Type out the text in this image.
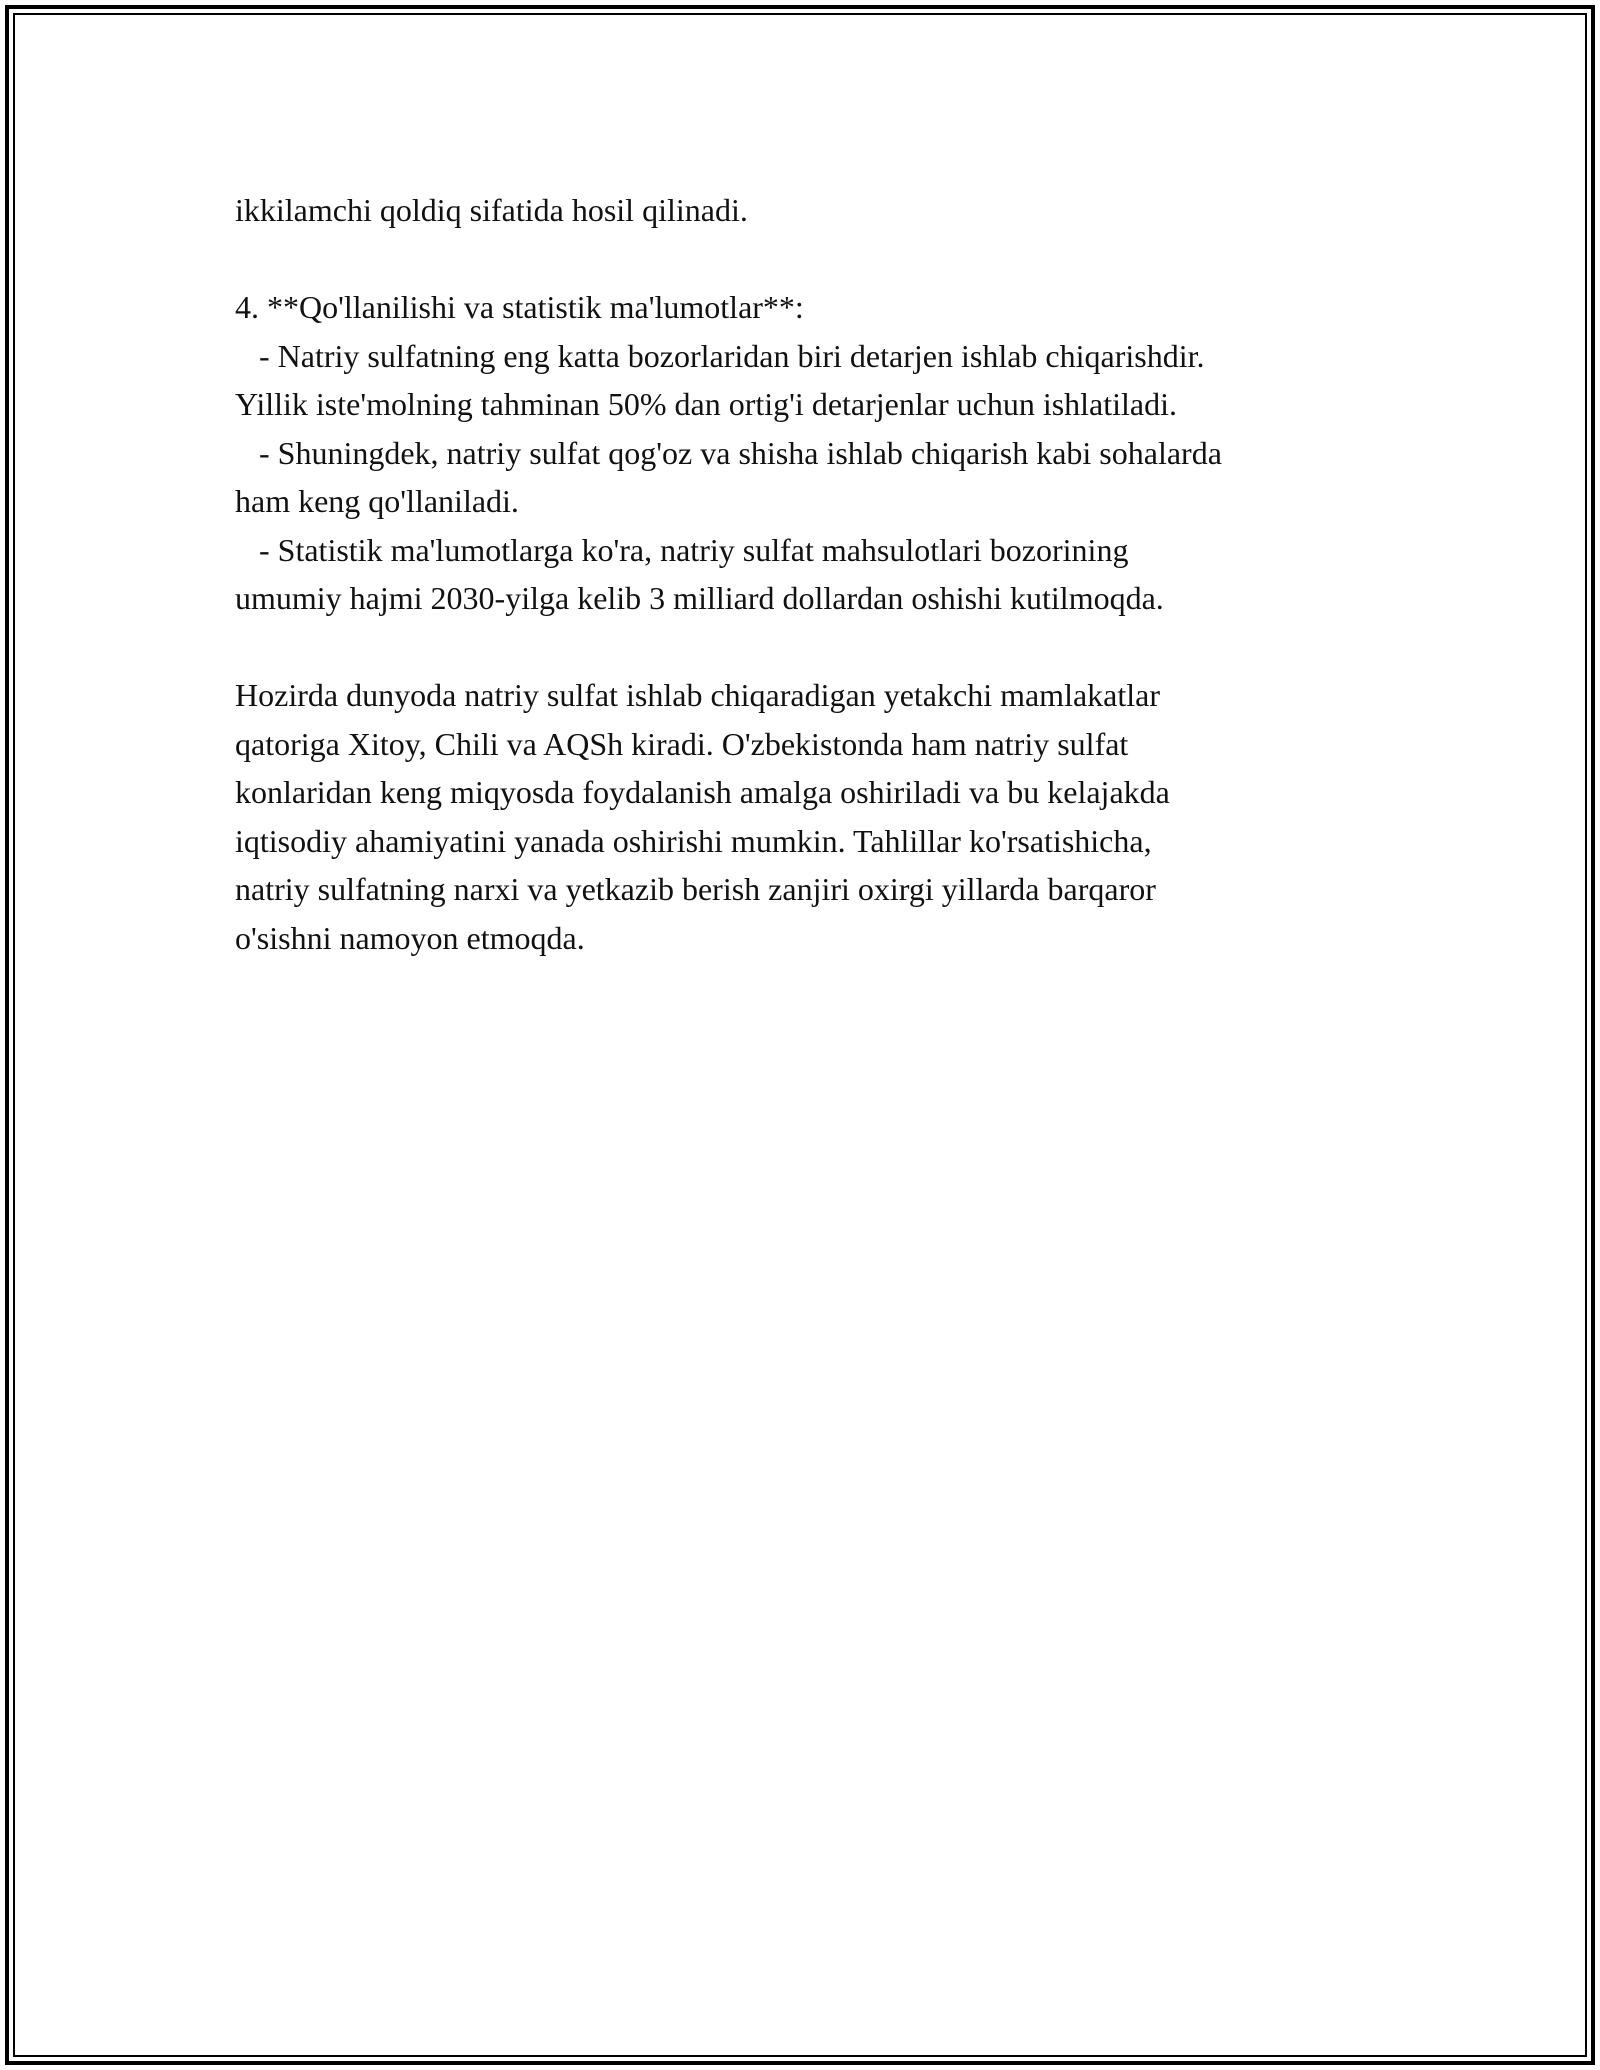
ikkilamchi qoldiq sifatida hosil qilinadi.

4. **Qo'llanilishi va statistik ma'lumotlar**:

- Natriy sulfatning eng katta bozorlaridan biri detarjen ishlab chiqarishdir.

Yillik iste'molning tahminan 50% dan ortig'i detarjenlar uchun ishlatiladi.

- Shuningdek, natriy sulfat qog'oz va shisha ishlab chiqarish kabi sohalarda

ham keng qo'llaniladi.

- Statistik ma'lumotlarga ko'ra, natriy sulfat mahsulotlari bozorining

umumiy hajmi 2030-yilga kelib 3 milliard dollardan oshishi kutilmoqda.

Hozirda dunyoda natriy sulfat ishlab chiqaradigan yetakchi mamlakatlar

qatoriga Xitoy, Chili va AQSh kiradi. O'zbekistonda ham natriy sulfat

konlaridan keng miqyosda foydalanish amalga oshiriladi va bu kelajakda

iqtisodiy ahamiyatini yanada oshirishi mumkin. Tahlillar ko'rsatishicha,

natriy sulfatning narxi va yetkazib berish zanjiri oxirgi yillarda barqaror

o'sishni namoyon etmoqda.
